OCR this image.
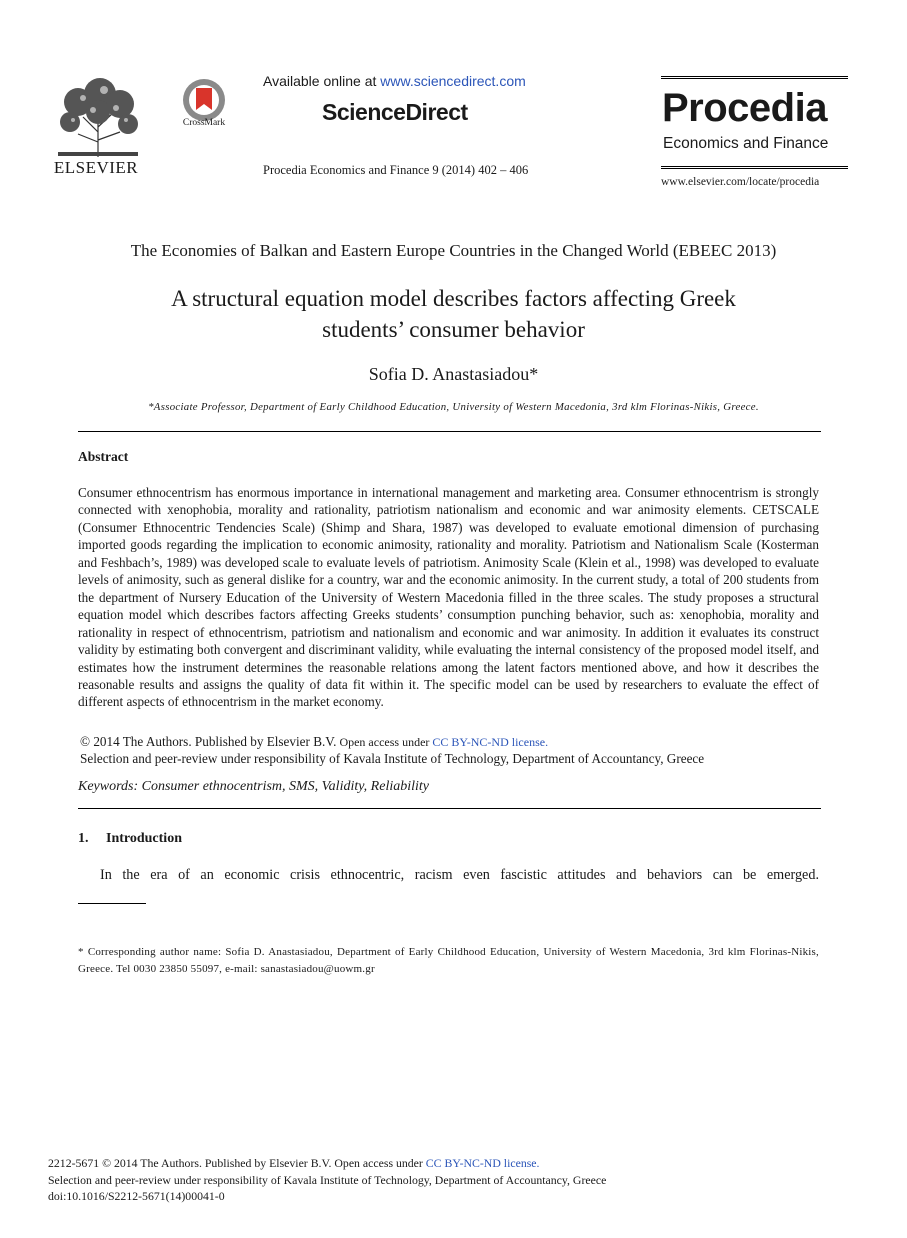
ELSEVIER
CrossMark
Available online at www.sciencedirect.com
ScienceDirect
Procedia Economics and Finance 9 (2014) 402 – 406
Procedia
Economics and Finance
www.elsevier.com/locate/procedia
The Economies of Balkan and Eastern Europe Countries in the Changed World (EBEEC 2013)
A structural equation model describes factors affecting Greek
students’ consumer behavior
Sofia D. Anastasiadou*
*Associate Professor, Department of Early Childhood Education, University of Western Macedonia, 3rd klm Florinas-Nikis, Greece.
Abstract
Consumer ethnocentrism has enormous importance in international management and marketing area. Consumer ethnocentrism is strongly connected with xenophobia, morality and rationality, patriotism nationalism and economic and war animosity elements. CETSCALE (Consumer Ethnocentric Tendencies Scale) (Shimp and Shara, 1987) was developed to evaluate emotional dimension of purchasing imported goods regarding the implication to economic animosity, rationality and morality. Patriotism and Nationalism Scale (Kosterman and Feshbach’s, 1989) was developed scale to evaluate levels of patriotism. Animosity Scale (Klein et al., 1998) was developed to evaluate levels of animosity, such as general dislike for a country, war and the economic animosity. In the current study, a total of 200 students from the department of Nursery Education of the University of Western Macedonia filled in the three scales. The study proposes a structural equation model which describes factors affecting Greeks students’ consumption punching behavior, such as: xenophobia, morality and rationality in respect of ethnocentrism, patriotism and nationalism and economic and war animosity. In addition it evaluates its construct validity by estimating both convergent and discriminant validity, while evaluating the internal consistency of the proposed model itself, and estimates how the instrument determines the reasonable relations among the latent factors mentioned above, and how it describes the reasonable results and assigns the quality of data fit within it. The specific model can be used by researchers to evaluate the effect of different aspects of ethnocentrism in the market economy.
© 2014 The Authors. Published by Elsevier B.V. Open access under CC BY-NC-ND license.
Selection and peer-review under responsibility of Kavala Institute of Technology, Department of Accountancy, Greece
Keywords: Consumer ethnocentrism, SMS, Validity, Reliability
1. Introduction
In the era of an economic crisis ethnocentric, racism even fascistic attitudes and behaviors can be emerged.
* Corresponding author name: Sofia D. Anastasiadou, Department of Early Childhood Education, University of Western Macedonia, 3rd klm Florinas-Nikis, Greece. Tel 0030 23850 55097, e-mail: sanastasiadou@uowm.gr
2212-5671 © 2014 The Authors. Published by Elsevier B.V. Open access under CC BY-NC-ND license.
Selection and peer-review under responsibility of Kavala Institute of Technology, Department of Accountancy, Greece
doi:10.1016/S2212-5671(14)00041-0
